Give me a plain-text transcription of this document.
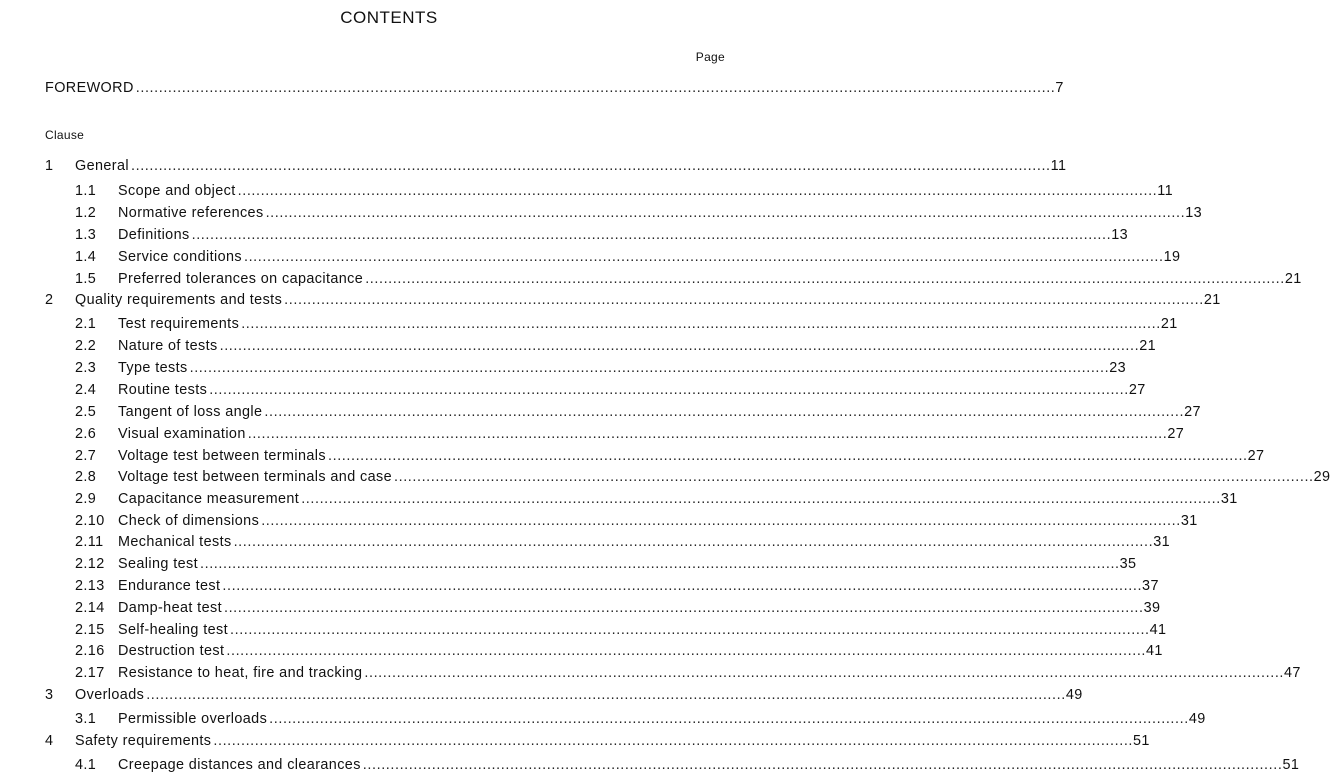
CONTENTS
Page
FOREWORD ........................................................................................................................................................................................................ 7
Clause
1 General ........................................................................................................................................................................................................ 11
1.1 Scope and object ........................................................................................................................................................................................................ 11
1.2 Normative references ........................................................................................................................................................................................................ 13
1.3 Definitions ........................................................................................................................................................................................................ 13
1.4 Service conditions ........................................................................................................................................................................................................ 19
1.5 Preferred tolerances on capacitance ........................................................................................................................................................................................................ 21
2 Quality requirements and tests ........................................................................................................................................................................................................ 21
2.1 Test requirements ........................................................................................................................................................................................................ 21
2.2 Nature of tests ........................................................................................................................................................................................................ 21
2.3 Type tests ........................................................................................................................................................................................................ 23
2.4 Routine tests ........................................................................................................................................................................................................ 27
2.5 Tangent of loss angle ........................................................................................................................................................................................................ 27
2.6 Visual examination ........................................................................................................................................................................................................ 27
2.7 Voltage test between terminals ........................................................................................................................................................................................................ 27
2.8 Voltage test between terminals and case ........................................................................................................................................................................................................ 29
2.9 Capacitance measurement ........................................................................................................................................................................................................ 31
2.10 Check of dimensions ........................................................................................................................................................................................................ 31
2.11 Mechanical tests ........................................................................................................................................................................................................ 31
2.12 Sealing test ........................................................................................................................................................................................................ 35
2.13 Endurance test ........................................................................................................................................................................................................ 37
2.14 Damp-heat test ........................................................................................................................................................................................................ 39
2.15 Self-healing test ........................................................................................................................................................................................................ 41
2.16 Destruction test ........................................................................................................................................................................................................ 41
2.17 Resistance to heat, fire and tracking ........................................................................................................................................................................................................ 47
3 Overloads ........................................................................................................................................................................................................ 49
3.1 Permissible overloads ........................................................................................................................................................................................................ 49
4 Safety requirements ........................................................................................................................................................................................................ 51
4.1 Creepage distances and clearances ........................................................................................................................................................................................................ 51
